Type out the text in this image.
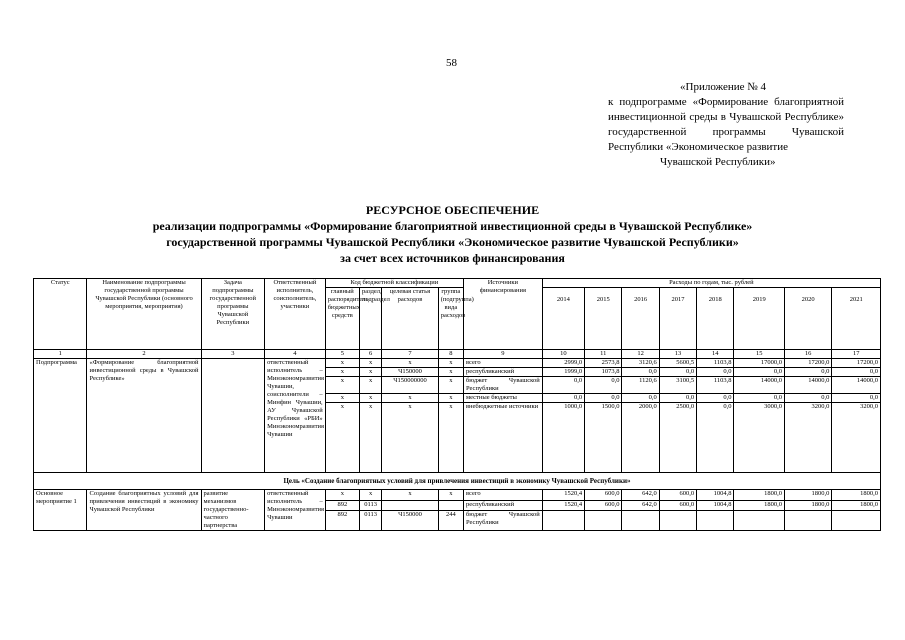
58
«Приложение № 4
к подпрограмме «Формирование благоприятной инвестиционной среды в Чувашской Республике» государственной программы Чувашской Республики «Экономическое развитие
Чувашской Республики»
РЕСУРСНОЕ ОБЕСПЕЧЕНИЕ
реализации подпрограммы «Формирование благоприятной инвестиционной среды в Чувашской Республике»
государственной программы Чувашской Республики «Экономическое развитие Чувашской Республики»
за счет всех источников финансирования
Статус	Наименование подпрограммы государственной программы Чувашской Республики (основного мероприятия, мероприятия)	Задача подпрограммы государственной программы Чувашской Республики	Ответственный исполнитель, соисполнитель, участники	Код бюджетной классификации				Источники финансирования	Расходы по годам, тыс. рублей							
				главный распорядитель бюджетных средств	раздел, подраздел	целевая статья расходов	группа (подгруппа) вида расходов		2014	2015	2016	2017	2018	2019	2020	2021
1	2	3	4	5	6	7	8	9	10	11	12	13	14	15	16	17
Подпрограмма	«Формирование благоприятной инвестиционной среды в Чувашской Республике»		ответственный исполнитель – Минэкономразвития Чувашии, соисполнители – Минфин Чувашии, АУ Чувашской Республики «РБИ» Минэкономразвития Чувашии	x	x	x	x	всего	2999,0	2573,8	3120,6	5600,5	1103,8	17000,0	17200,0	17200,0
				x	x	Ч150000	x	республиканский	1999,0	1073,8	0,0	0,0	0,0	0,0	0,0	0,0
				x	x	Ч150000000	x	бюджет Чувашской Республики	0,0	0,0	1120,6	3100,5	1103,8	14000,0	14000,0	14000,0
				x	x	x	x	местные бюджеты	0,0	0,0	0,0	0,0	0,0	0,0	0,0	0,0
				x	x	x	x	внебюджетные источники	1000,0	1500,0	2000,0	2500,0	0,0	3000,0	3200,0	3200,0
Цель «Создание благоприятных условий для привлечения инвестиций в экономику Чувашской Республики»																
Основное мероприятие 1	Создание благоприятных условий для привлечения инвестиций в экономику Чувашской Республики	развитие механизмов государственно-частного партнерства	ответственный исполнитель – Минэкономразвития Чувашии	x	x	x	x	всего	1520,4	600,0	642,0	600,0	1004,8	1800,0	1800,0	1800,0
				892	0113			республиканский	1520,4	600,0	642,0	600,0	1004,8	1800,0	1800,0	1800,0
				892	0113	Ч150000	244	бюджет Чувашской Республики								
